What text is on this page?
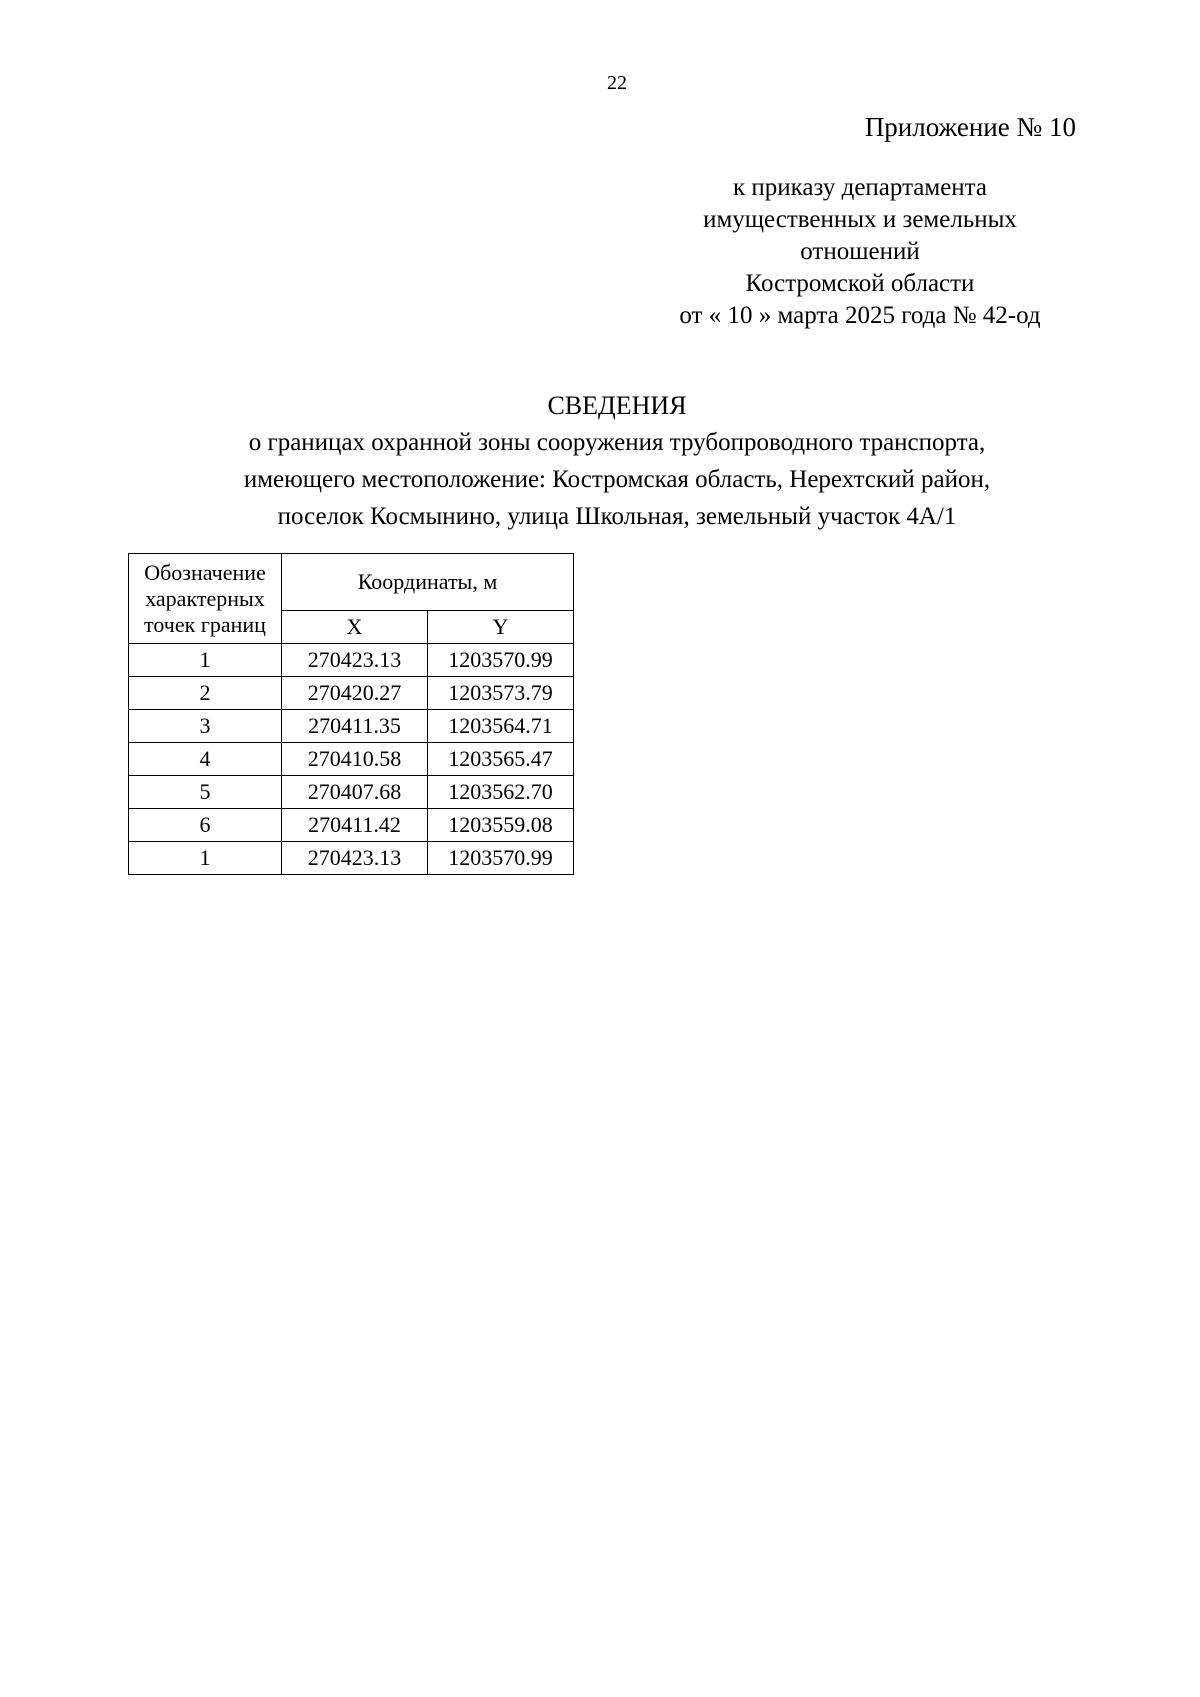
22
Приложение № 10
к приказу департамента
имущественных и земельных
отношений
Костромской области
от « 10 » марта 2025 года № 42-од
СВЕДЕНИЯ
о границах охранной зоны сооружения трубопроводного транспорта,
имеющего местоположение: Костромская область, Нерехтский район,
поселок Космынино, улица Школьная, земельный участок 4А/1
Обозначение
характерных
точек границ	Координаты, м	
	X	Y
1	270423.13	1203570.99
2	270420.27	1203573.79
3	270411.35	1203564.71
4	270410.58	1203565.47
5	270407.68	1203562.70
6	270411.42	1203559.08
1	270423.13	1203570.99
